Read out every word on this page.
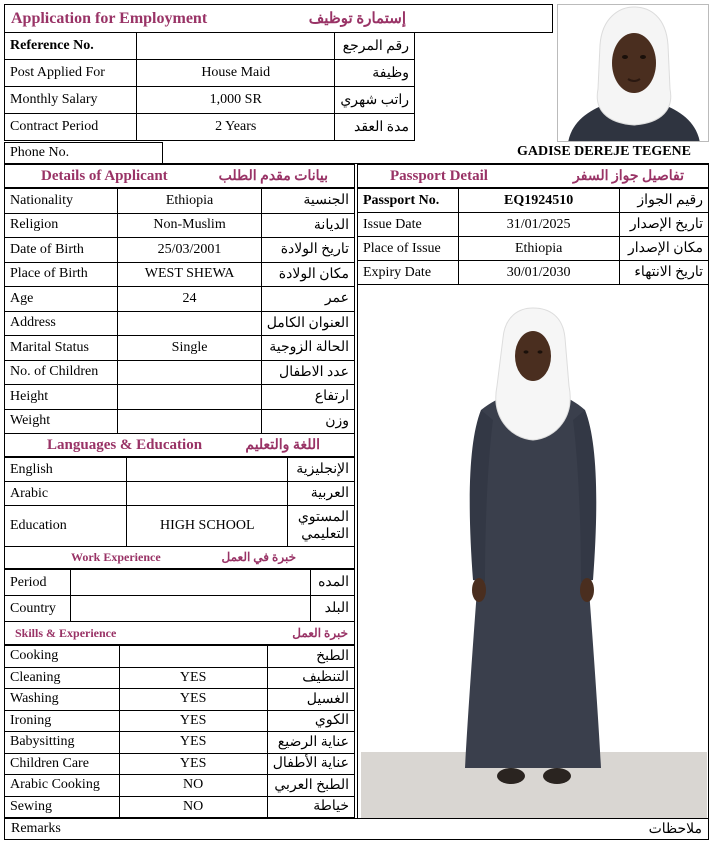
Application for Employment	إستمارة توظيف
Reference No.		رقم المرجع
Post Applied For	House Maid	وظيفة
Monthly Salary	1,000 SR	راتب شهري
Contract Period	2 Years	مدة العقد
Phone No.	GADISE DEREJE TEGENE
Details of Applicant	بيانات مقدم الطلب
Nationality	Ethiopia	الجنسية
Religion	Non-Muslim	الديانة
Date of Birth	25/03/2001	تاريخ الولادة
Place of Birth	WEST SHEWA	مكان الولادة
Age	24	عمر
Address		العنوان الكامل
Marital Status	Single	الحالة الزوجية
No. of Children		عدد الاطفال
Height		ارتفاع
Weight		وزن
Languages & Education	اللغة والتعليم
English		الإنجليزية
Arabic		العربية
Education	HIGH SCHOOL	المستوي التعليمي
Work Experience	خبرة في العمل
Period		المده
Country		البلد
Skills & Experience	خبرة العمل
Cooking		الطبخ
Cleaning	YES	التنظيف
Washing	YES	الغسيل
Ironing	YES	الكوي
Babysitting	YES	عناية الرضيع
Children Care	YES	عناية الأطفال
Arabic Cooking	NO	الطبخ العربي
Sewing	NO	خياطة
Passport Detail	تفاصيل جواز السفر
Passport No.	EQ1924510	رقيم الجواز
Issue Date	31/01/2025	تاريخ الإصدار
Place of Issue	Ethiopia	مكان الإصدار
Expiry Date	30/01/2030	تاريخ الانتهاء
Remarks	ملاحظات
